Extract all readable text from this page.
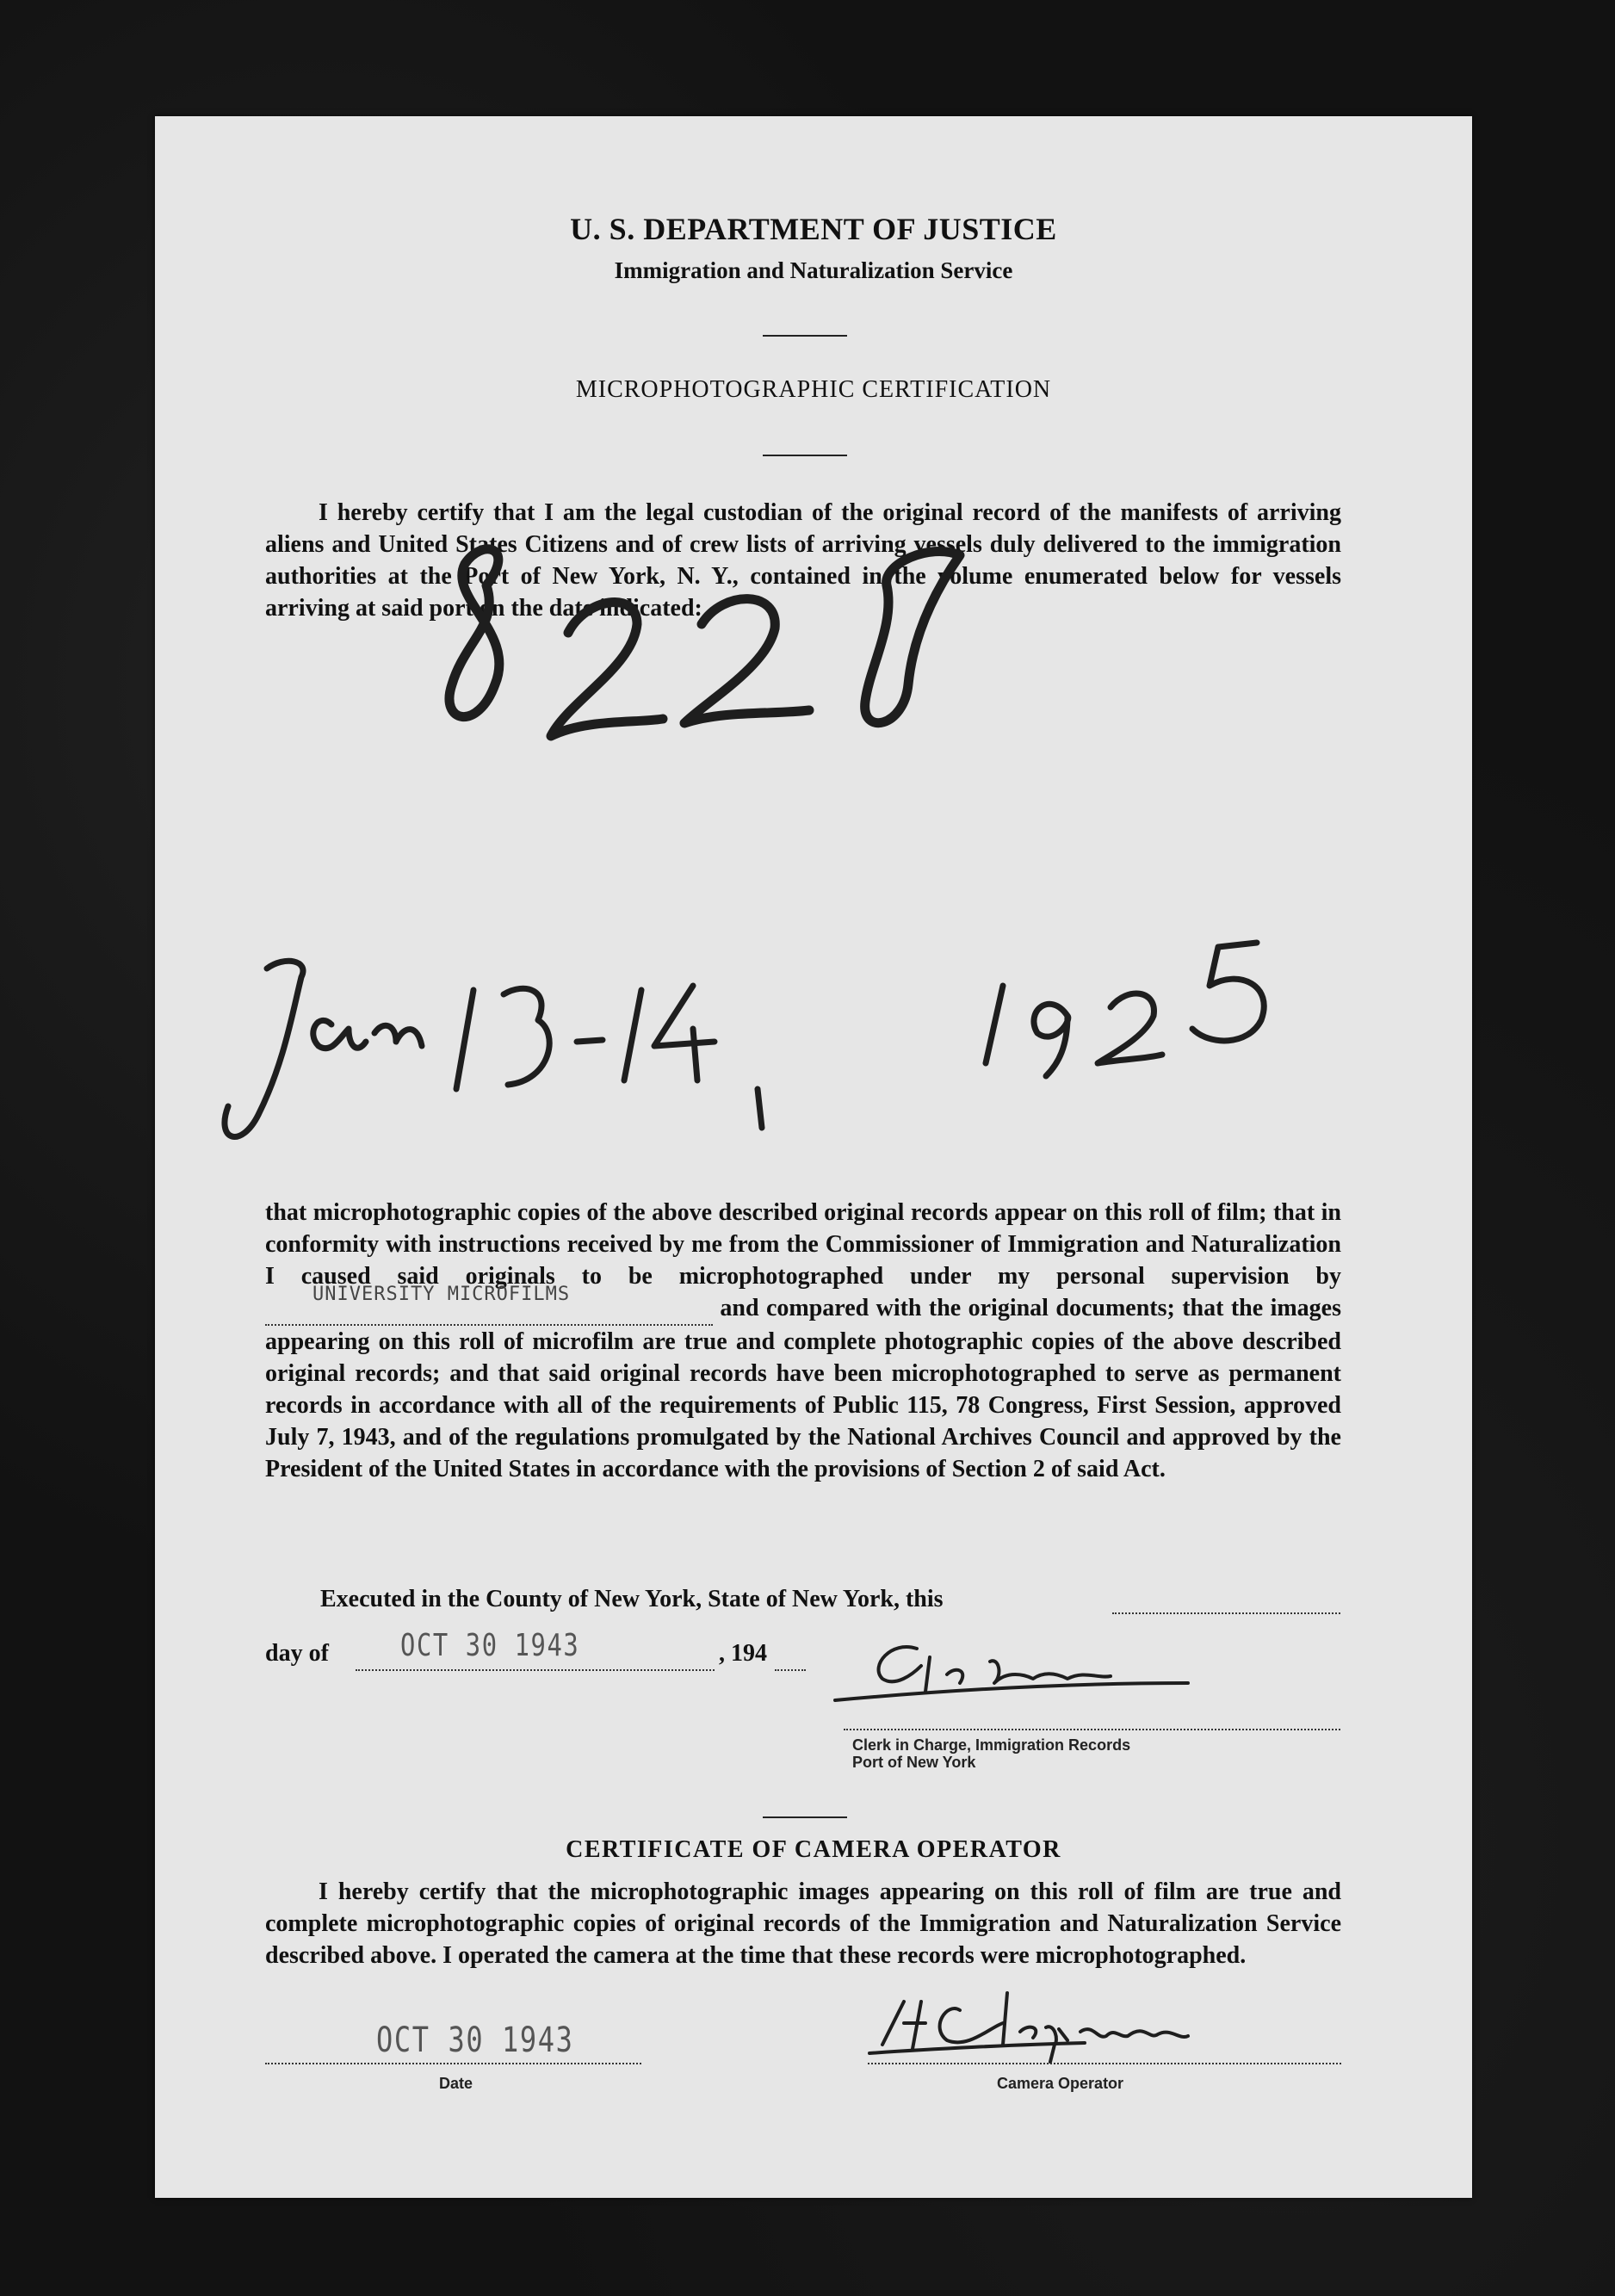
U. S. DEPARTMENT OF JUSTICE
Immigration and Naturalization Service
MICROPHOTOGRAPHIC CERTIFICATION
I hereby certify that I am the legal custodian of the original record of the manifests of arriving aliens and United States Citizens and of crew lists of arriving vessels duly delivered to the immigration authorities at the Port of New York, N. Y., contained in the volume enumerated below for vessels arriving at said port on the date indicated:
that microphotographic copies of the above described original records appear on this roll of film; that in conformity with instructions received by me from the Commissioner of Immigration and Naturalization I caused said originals to be microphotographed under my personal supervision by
UNIVERSITY MICROFILMS
and compared with the original documents; that the images appearing on this roll of microfilm are true and complete photographic copies of the above described original records; and that said original records have been microphotographed to serve as permanent records in accordance with all of the requirements of Public 115, 78 Congress, First Session, approved July 7, 1943, and of the regulations promulgated by the National Archives Council and approved by the President of the United States in accordance with the provisions of Section 2 of said Act.
Executed in the County of New York, State of New York, this
day of OCT 30 1943	, 194
Clerk in Charge, Immigration Records
Port of New York
CERTIFICATE OF CAMERA OPERATOR
I hereby certify that the microphotographic images appearing on this roll of film are true and complete microphotographic copies of original records of the Immigration and Naturalization Service described above. I operated the camera at the time that these records were microphotographed.
OCT 30 1943
Date	Camera Operator
